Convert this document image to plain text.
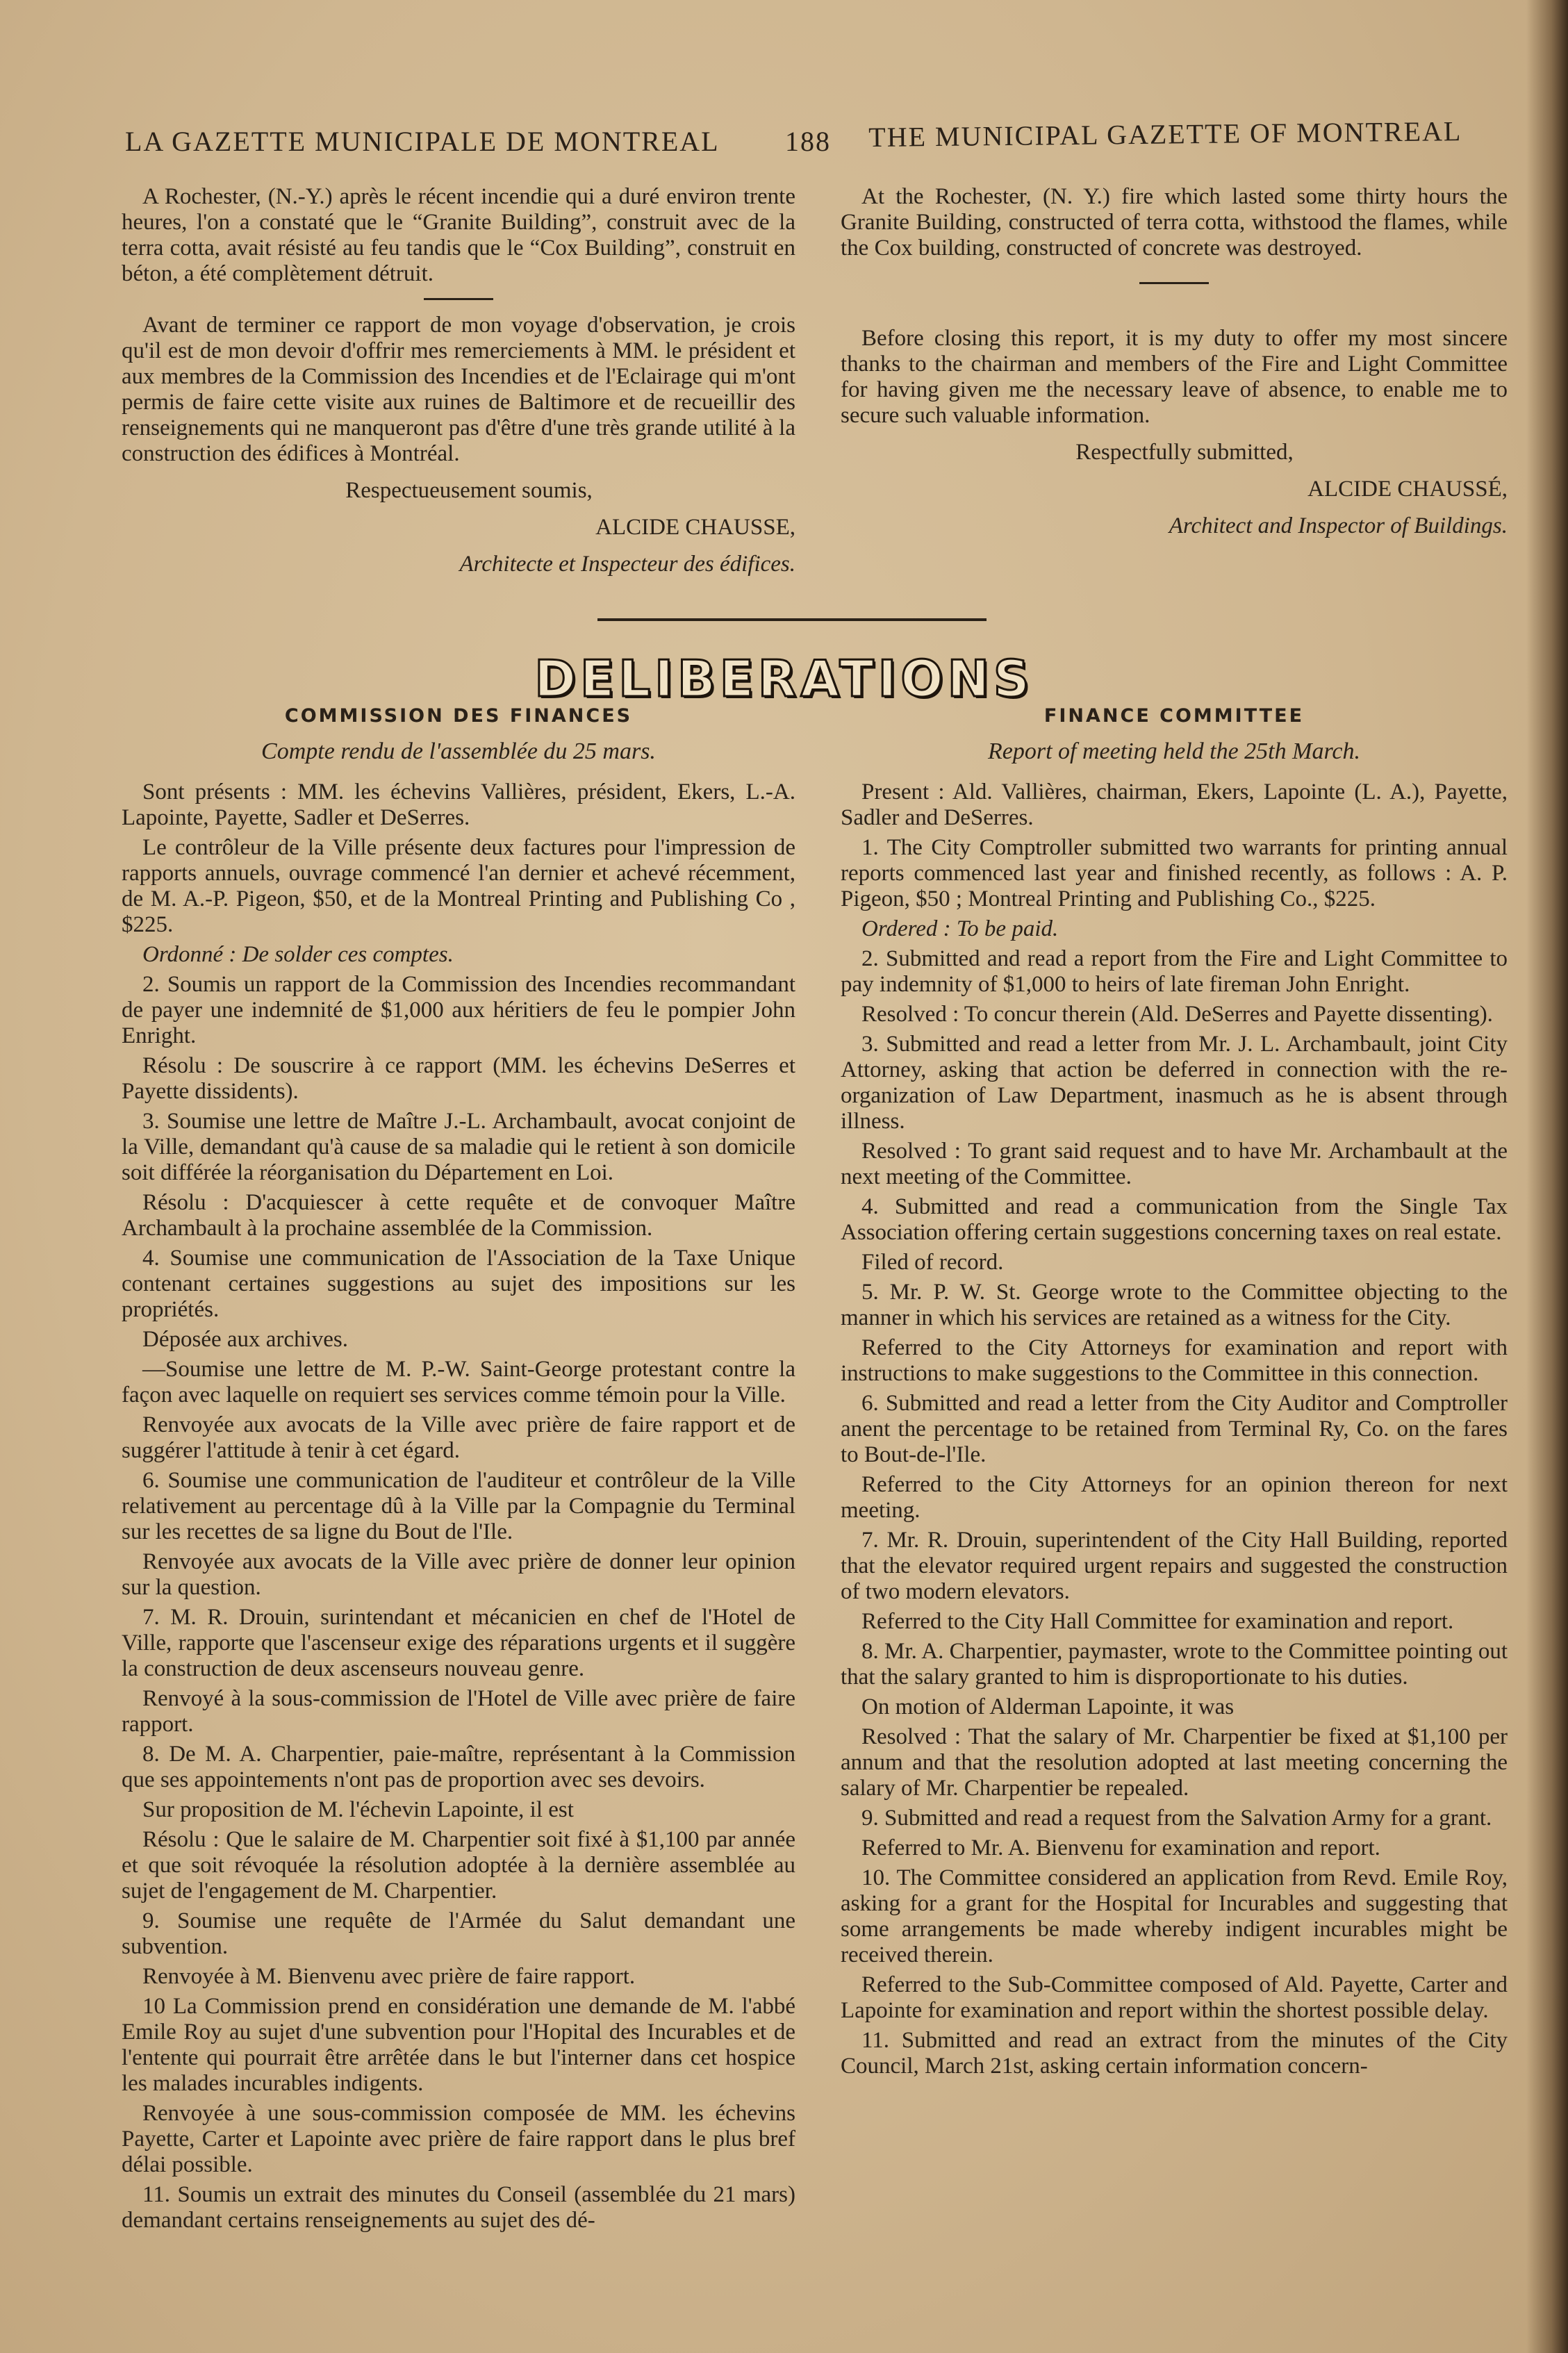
LA GAZETTE MUNICIPALE DE MONTREAL 188 THE MUNICIPAL GAZETTE OF MONTREAL

A Rochester, (N.-Y.) après le récent incendie qui a duré environ trente heures, l'on a constaté que le “Granite Building”, construit avec de la terra cotta, avait résisté au feu tandis que le “Cox Building”, construit en béton, a été complètement détruit.

Avant de terminer ce rapport de mon voyage d'observation, je crois qu'il est de mon devoir d'offrir mes remerciements à MM. le président et aux membres de la Commission des Incendies et de l'Eclairage qui m'ont permis de faire cette visite aux ruines de Baltimore et de recueillir des renseignements qui ne manqueront pas d'être d'une très grande utilité à la construction des édifices à Montréal.

Respectueusement soumis,

ALCIDE CHAUSSE,

Architecte et Inspecteur des édifices.

At the Rochester, (N. Y.) fire which lasted some thirty hours the Granite Building, constructed of terra cotta, withstood the flames, while the Cox building, constructed of concrete was destroyed.

Before closing this report, it is my duty to offer my most sincere thanks to the chairman and members of the Fire and Light Committee for having given me the necessary leave of absence, to enable me to secure such valuable information.

Respectfully submitted,

ALCIDE CHAUSSÉ,

Architect and Inspector of Buildings.

DELIBERATIONS
COMMISSION DES FINANCES
Compte rendu de l'assemblée du 25 mars.

Sont présents : MM. les échevins Vallières, président, Ekers, L.-A. Lapointe, Payette, Sadler et DeSerres.

Le contrôleur de la Ville présente deux factures pour l'impression de rapports annuels, ouvrage commencé l'an dernier et achevé récemment, de M. A.-P. Pigeon, $50, et de la Montreal Printing and Publishing Co , $225.

Ordonné : De solder ces comptes.

2. Soumis un rapport de la Commission des Incendies recommandant de payer une indemnité de $1,000 aux héritiers de feu le pompier John Enright.

Résolu : De souscrire à ce rapport (MM. les échevins DeSerres et Payette dissidents).

3. Soumise une lettre de Maître J.-L. Archambault, avocat conjoint de la Ville, demandant qu'à cause de sa maladie qui le retient à son domicile soit différée la réorganisation du Département en Loi.

Résolu : D'acquiescer à cette requête et de convoquer Maître Archambault à la prochaine assemblée de la Commission.

4. Soumise une communication de l'Association de la Taxe Unique contenant certaines suggestions au sujet des impositions sur les propriétés.

Déposée aux archives.

—Soumise une lettre de M. P.-W. Saint-George protestant contre la façon avec laquelle on requiert ses services comme témoin pour la Ville.

Renvoyée aux avocats de la Ville avec prière de faire rapport et de suggérer l'attitude à tenir à cet égard.

6. Soumise une communication de l'auditeur et contrôleur de la Ville relativement au percentage dû à la Ville par la Compagnie du Terminal sur les recettes de sa ligne du Bout de l'Ile.

Renvoyée aux avocats de la Ville avec prière de donner leur opinion sur la question.

7. M. R. Drouin, surintendant et mécanicien en chef de l'Hotel de Ville, rapporte que l'ascenseur exige des réparations urgents et il suggère la construction de deux ascenseurs nouveau genre.

Renvoyé à la sous-commission de l'Hotel de Ville avec prière de faire rapport.

8. De M. A. Charpentier, paie-maître, représentant à la Commission que ses appointements n'ont pas de proportion avec ses devoirs.

Sur proposition de M. l'échevin Lapointe, il est

Résolu : Que le salaire de M. Charpentier soit fixé à $1,100 par année et que soit révoquée la résolution adoptée à la dernière assemblée au sujet de l'engagement de M. Charpentier.

9. Soumise une requête de l'Armée du Salut demandant une subvention.

Renvoyée à M. Bienvenu avec prière de faire rapport.

10 La Commission prend en considération une demande de M. l'abbé Emile Roy au sujet d'une subvention pour l'Hopital des Incurables et de l'entente qui pourrait être arrêtée dans le but l'interner dans cet hospice les malades incurables indigents.

Renvoyée à une sous-commission composée de MM. les échevins Payette, Carter et Lapointe avec prière de faire rapport dans le plus bref délai possible.

11. Soumis un extrait des minutes du Conseil (assemblée du 21 mars) demandant certains renseignements au sujet des dé-

FINANCE COMMITTEE
Report of meeting held the 25th March.

Present : Ald. Vallières, chairman, Ekers, Lapointe (L. A.), Payette, Sadler and DeSerres.

1. The City Comptroller submitted two warrants for printing annual reports commenced last year and finished recently, as follows : A. P. Pigeon, $50 ; Montreal Printing and Publishing Co., $225.

Ordered : To be paid.

2. Submitted and read a report from the Fire and Light Committee to pay indemnity of $1,000 to heirs of late fireman John Enright.

Resolved : To concur therein (Ald. DeSerres and Payette dissenting).

3. Submitted and read a letter from Mr. J. L. Archambault, joint City Attorney, asking that action be deferred in connection with the re-organization of Law Department, inasmuch as he is absent through illness.

Resolved : To grant said request and to have Mr. Archambault at the next meeting of the Committee.

4. Submitted and read a communication from the Single Tax Association offering certain suggestions concerning taxes on real estate.

Filed of record.

5. Mr. P. W. St. George wrote to the Committee objecting to the manner in which his services are retained as a witness for the City.

Referred to the City Attorneys for examination and report with instructions to make suggestions to the Committee in this connection.

6. Submitted and read a letter from the City Auditor and Comptroller anent the percentage to be retained from Terminal Ry, Co. on the fares to Bout-de-l'Ile.

Referred to the City Attorneys for an opinion thereon for next meeting.

7. Mr. R. Drouin, superintendent of the City Hall Building, reported that the elevator required urgent repairs and suggested the construction of two modern elevators.

Referred to the City Hall Committee for examination and report.

8. Mr. A. Charpentier, paymaster, wrote to the Committee pointing out that the salary granted to him is disproportionate to his duties.

On motion of Alderman Lapointe, it was

Resolved : That the salary of Mr. Charpentier be fixed at $1,100 per annum and that the resolution adopted at last meeting concerning the salary of Mr. Charpentier be repealed.

9. Submitted and read a request from the Salvation Army for a grant.

Referred to Mr. A. Bienvenu for examination and report.

10. The Committee considered an application from Revd. Emile Roy, asking for a grant for the Hospital for Incurables and suggesting that some arrangements be made whereby indigent incurables might be received therein.

Referred to the Sub-Committee composed of Ald. Payette, Carter and Lapointe for examination and report within the shortest possible delay.

11. Submitted and read an extract from the minutes of the City Council, March 21st, asking certain information concern-
